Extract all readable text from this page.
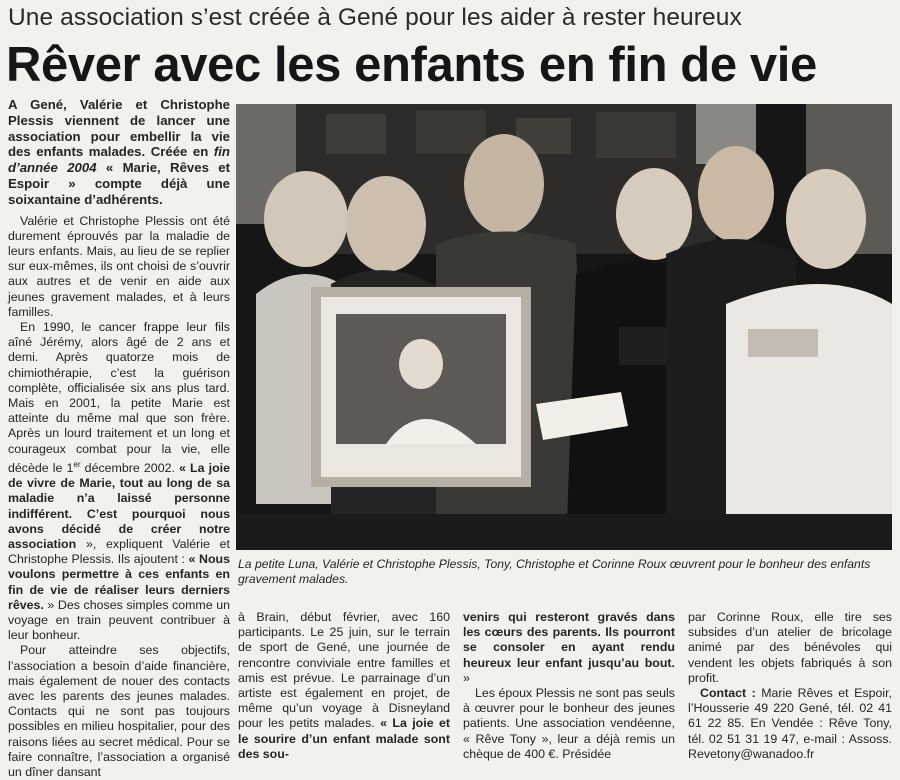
Une association s’est créée à Gené pour les aider à rester heureux
Rêver avec les enfants en fin de vie

A Gené, Valérie et Christophe Plessis viennent de lancer une association pour embellir la vie des enfants malades. Créée en fin d’année 2004 « Marie, Rêves et Espoir » compte déjà une soixantaine d’adhérents.

Valérie et Christophe Plessis ont été durement éprouvés par la maladie de leurs enfants. Mais, au lieu de se replier sur eux-mêmes, ils ont choisi de s’ouvrir aux autres et de venir en aide aux jeunes gravement malades, et à leurs familles.

En 1990, le cancer frappe leur fils aîné Jérémy, alors âgé de 2 ans et demi. Après quatorze mois de chimiothérapie, c’est la guérison complète, officialisée six ans plus tard. Mais en 2001, la petite Marie est atteinte du même mal que son frère. Après un lourd traitement et un long et courageux combat pour la vie, elle décède le 1er décembre 2002. « La joie de vivre de Marie, tout au long de sa maladie n’a laissé personne indifférent. C’est pourquoi nous avons décidé de créer notre association », expliquent Valérie et Christophe Plessis. Ils ajoutent : « Nous voulons permettre à ces enfants en fin de vie de réaliser leurs derniers rêves. » Des choses simples comme un voyage en train peuvent contribuer à leur bonheur.

Pour atteindre ses objectifs, l’association a besoin d’aide financière, mais également de nouer des contacts avec les parents des jeunes malades. Contacts qui ne sont pas toujours possibles en milieu hospitalier, pour des raisons liées au secret médical. Pour se faire connaître, l’association a organisé un dîner dansant

La petite Luna, Valérie et Christophe Plessis, Tony, Christophe et Corinne Roux œuvrent pour le bonheur des enfants gravement malades.

à Brain, début février, avec 160 participants. Le 25 juin, sur le terrain de sport de Gené, une journée de rencontre conviviale entre familles et amis est prévue. Le parrainage d’un artiste est également en projet, de même qu’un voyage à Disneyland pour les petits malades. « La joie et le sourire d’un enfant malade sont des sou-

venirs qui resteront gravés dans les cœurs des parents. Ils pourront se consoler en ayant rendu heureux leur enfant jusqu’au bout. »

Les époux Plessis ne sont pas seuls à œuvrer pour le bonheur des jeunes patients. Une association vendéenne, « Rêve Tony », leur a déjà remis un chèque de 400 €. Présidée

par Corinne Roux, elle tire ses subsides d’un atelier de bricolage animé par des bénévoles qui vendent les objets fabriqués à son profit.

Contact : Marie Rêves et Espoir, l’Housserie 49 220 Gené, tél. 02 41 61 22 85. En Vendée : Rêve Tony, tél. 02 51 31 19 47, e-mail : Assoss. Revetony@wanadoo.fr
